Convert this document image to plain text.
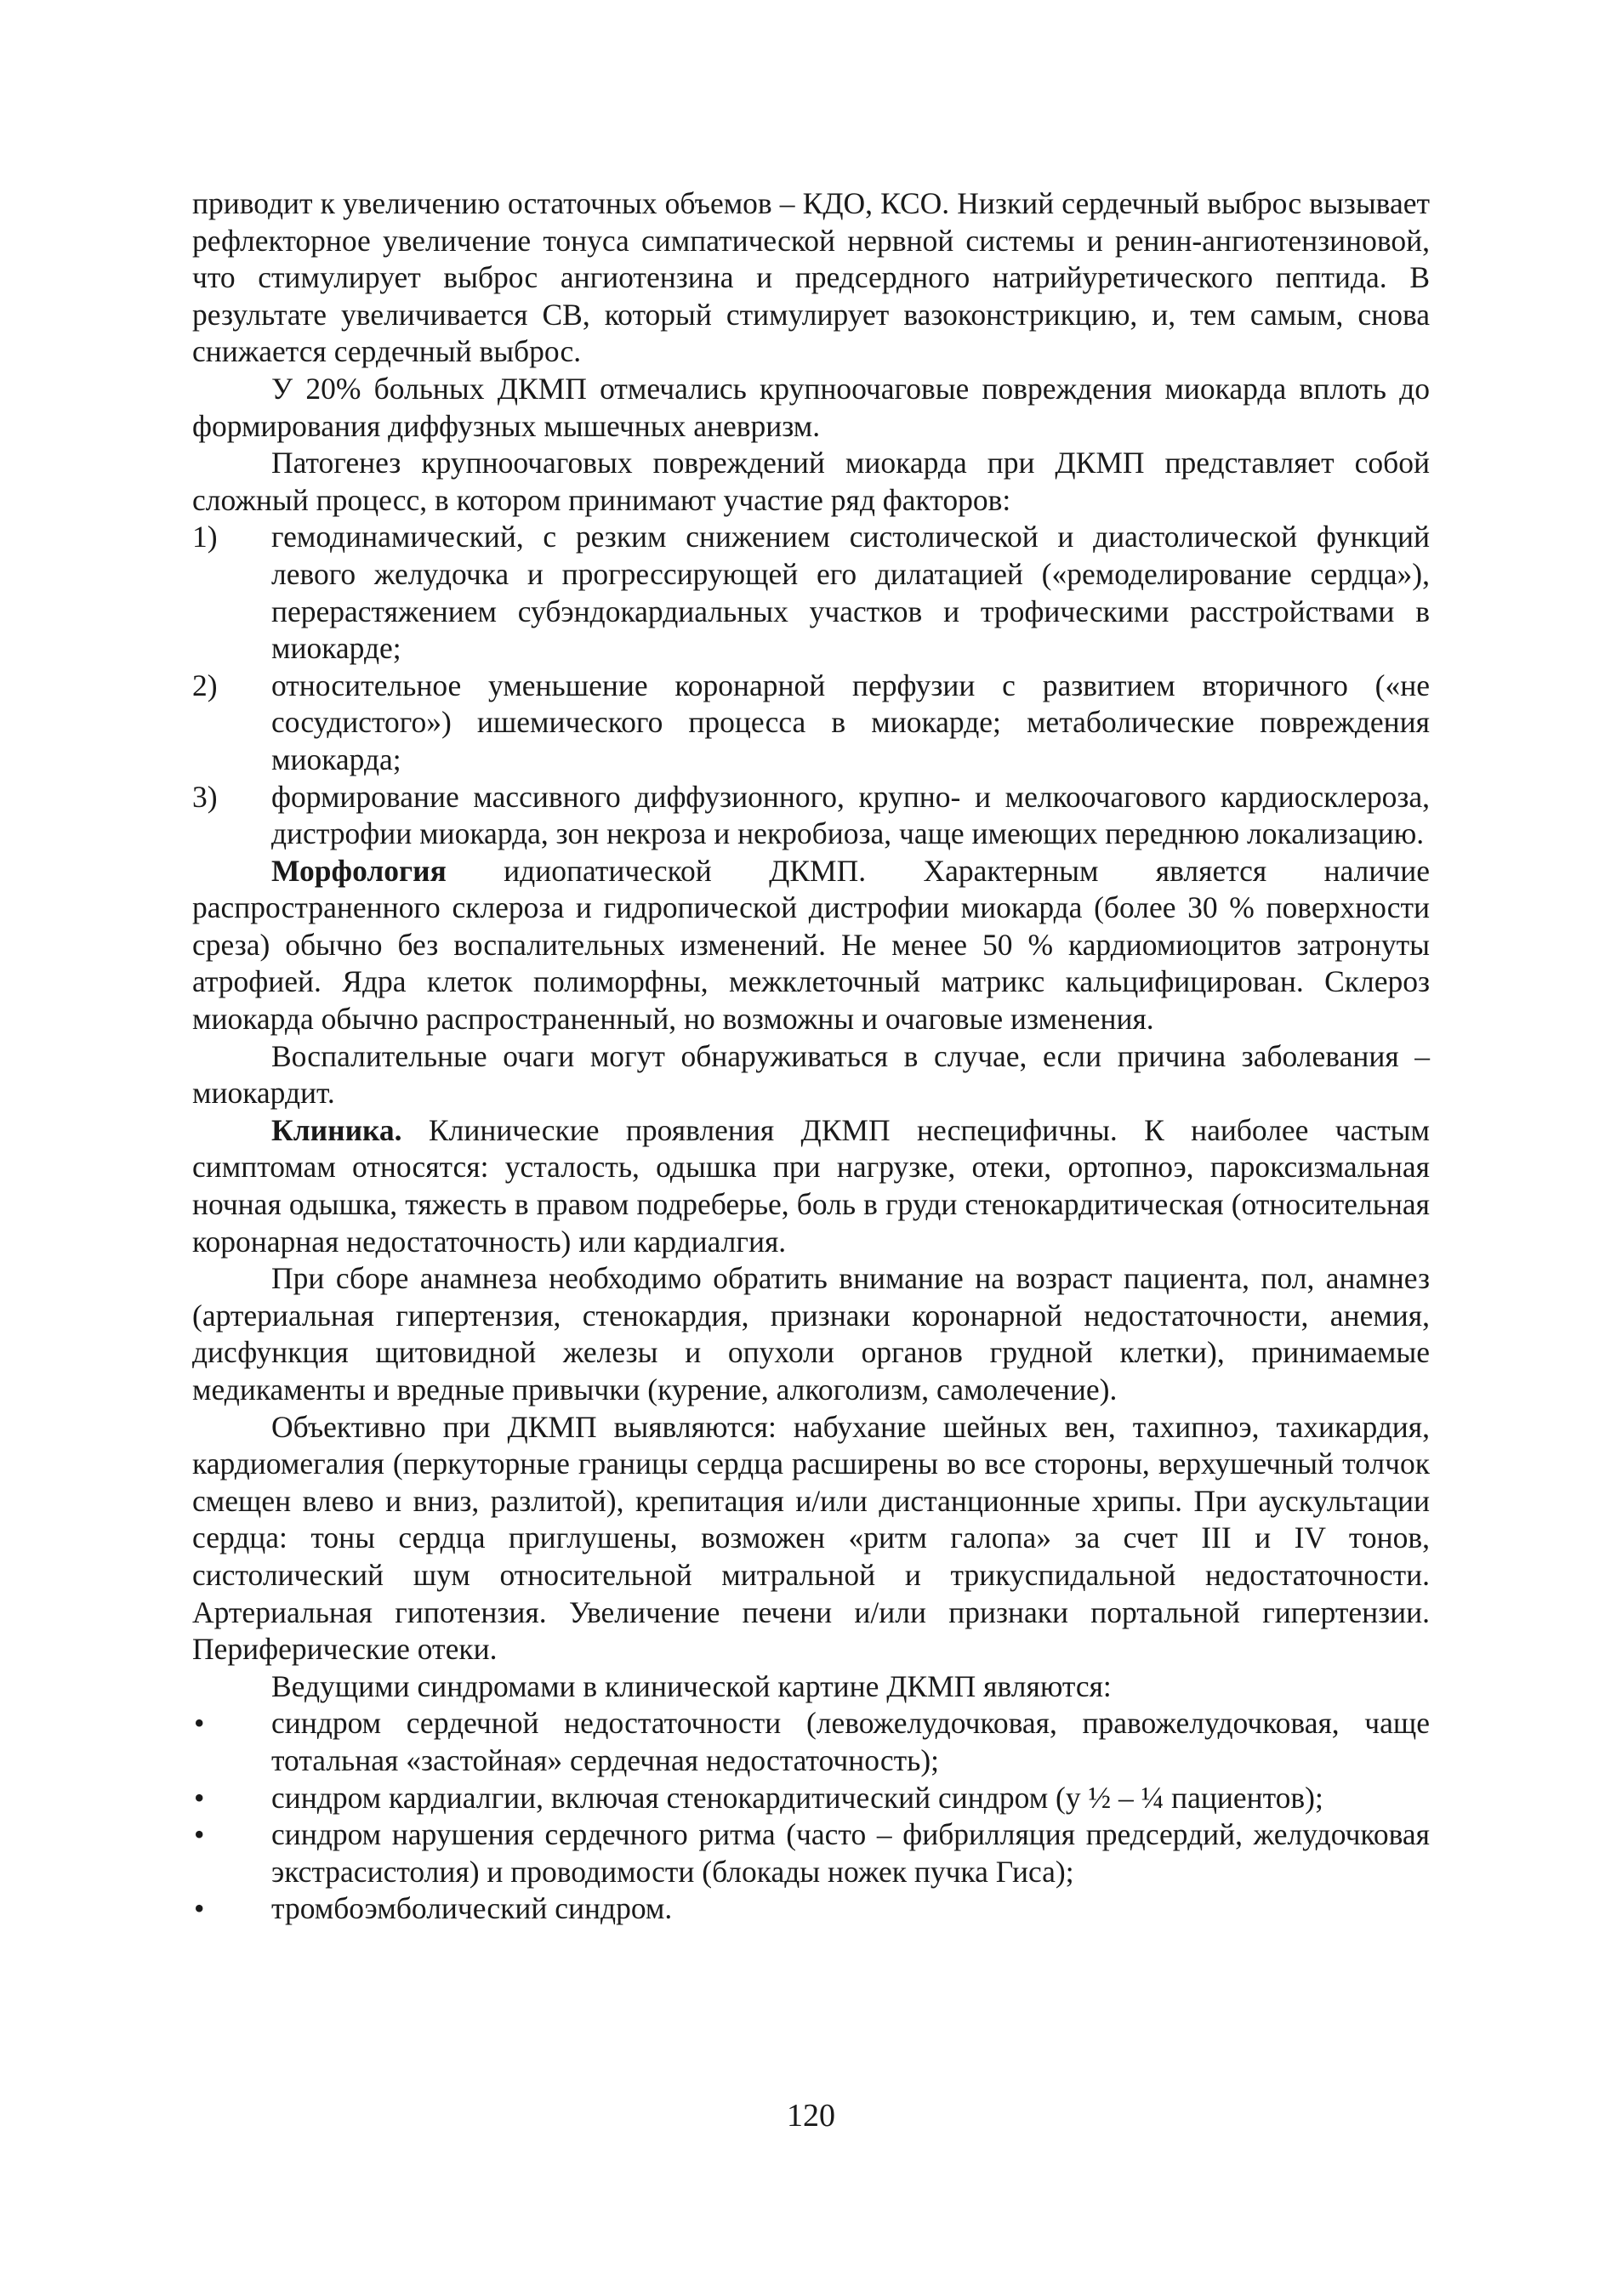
приводит к увеличению остаточных объемов – КДО, КСО. Низкий сердечный выброс вызывает рефлекторное увеличение тонуса симпатической нервной системы и ренин-ангиотензиновой, что стимулирует выброс ангиотензина и предсердного натрийуретического пептида. В результате увеличивается СВ, который стимулирует вазоконстрикцию, и, тем самым, снова снижается сердечный выброс.

У 20% больных ДКМП отмечались крупноочаговые повреждения миокарда вплоть до формирования диффузных мышечных аневризм.

Патогенез крупноочаговых повреждений миокарда при ДКМП представляет собой сложный процесс, в котором принимают участие ряд факторов:

1)	гемодинамический, с резким снижением систолической и диастолической функций левого желудочка и прогрессирующей его дилатацией («ремоделирование сердца»), перерастяжением субэндокардиальных участков и трофическими расстройствами в миокарде;
2)	относительное уменьшение коронарной перфузии с развитием вторичного («не сосудистого») ишемического процесса в миокарде; метаболические повреждения миокарда;
3)	формирование массивного диффузионного, крупно- и мелкоочагового кардиосклероза, дистрофии миокарда, зон некроза и некробиоза, чаще имеющих переднюю локализацию.

Морфология идиопатической ДКМП. Характерным является наличие распространенного склероза и гидропической дистрофии миокарда (более 30 % поверхности среза) обычно без воспалительных изменений. Не менее 50 % кардиомиоцитов затронуты атрофией. Ядра клеток полиморфны, межклеточный матрикс кальцифицирован. Склероз миокарда обычно распространенный, но возможны и очаговые изменения.

Воспалительные очаги могут обнаруживаться в случае, если причина заболевания – миокардит.

Клиника. Клинические проявления ДКМП неспецифичны. К наиболее частым симптомам относятся: усталость, одышка при нагрузке, отеки, ортопноэ, пароксизмальная ночная одышка, тяжесть в правом подреберье, боль в груди стенокардитическая (относительная коронарная недостаточность) или кардиалгия.

При сборе анамнеза необходимо обратить внимание на возраст пациента, пол, анамнез (артериальная гипертензия, стенокардия, признаки коронарной недостаточности, анемия, дисфункция щитовидной железы и опухоли органов грудной клетки), принимаемые медикаменты и вредные привычки (курение, алкоголизм, самолечение).

Объективно при ДКМП выявляются: набухание шейных вен, тахипноэ, тахикардия, кардиомегалия (перкуторные границы сердца расширены во все стороны, верхушечный толчок смещен влево и вниз, разлитой), крепитация и/или дистанционные хрипы. При аускультации сердца: тоны сердца приглушены, возможен «ритм галопа» за счет III и IV тонов, систолический шум относительной митральной и трикуспидальной недостаточности. Артериальная гипотензия. Увеличение печени и/или признаки портальной гипертензии. Периферические отеки.

Ведущими синдромами в клинической картине ДКМП являются:

•	синдром сердечной недостаточности (левожелудочковая, правожелудочковая, чаще тотальная «застойная» сердечная недостаточность);
•	синдром кардиалгии, включая стенокардитический синдром (у ½ – ¼ пациентов);
•	синдром нарушения сердечного ритма (часто – фибрилляция предсердий, желудочковая экстрасистолия) и проводимости (блокады ножек пучка Гиса);
•	тромбоэмболический синдром.
120
